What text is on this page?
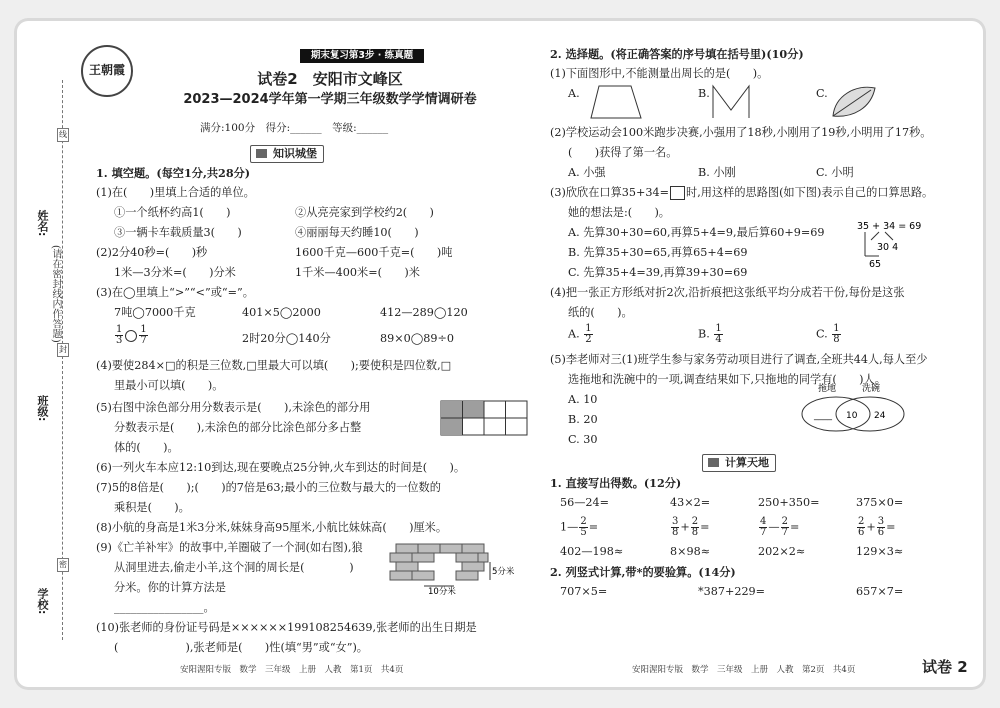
姓名:
班级:
学校:
(请在密封线内作答题)
线
封
密
王朝霞
期末复习第3步 · 练真题
试卷2　安阳市文峰区
2023—2024学年第一学期三年级数学学情调研卷
满分:100分　得分:______　等级:______
知识城堡
1. 填空题。(每空1分,共28分)
(1)在(　　)里填上合适的单位。
①一个纸杯约高1(　　)	②从亮亮家到学校约2(　　)
③一辆卡车载质量3(　　)	④丽丽每天约睡10(　　)
(2)2分40秒=(　　)秒	1600千克—600千克=(　　)吨
1米—3分米=(　　)分米	1千米—400米=(　　)米
(3)在◯里填上“>”“<”或“=”。
7吨◯7000千克	401×5◯2000	412—289◯120
$\frac{1}{3} \frac{1}{7}$	2时20分◯140分	89×0◯89÷0
(4)要使284×□的积是三位数,□里最大可以填(　　);要使积是四位数,□
里最小可以填(　　)。
(5)右图中涂色部分用分数表示是(　　),未涂色的部分用
分数表示是(　　),未涂色的部分比涂色部分多占整
体的(　　)。
(6)一列火车本应12:10到达,现在要晚点25分钟,火车到达的时间是(　　)。
(7)5的8倍是(　　);(　　)的7倍是63;最小的三位数与最大的一位数的
乘积是(　　)。
(8)小航的身高是1米3分米,妹妹身高95厘米,小航比妹妹高(　　)厘米。
(9)《亡羊补牢》的故事中,羊圈破了一个洞(如右图),狼
从洞里进去,偷走小羊,这个洞的周长是(　　　　)
分米。你的计算方法是
________________。
(10)张老师的身份证号码是××××××19910825​4639,张老师的出生日期是
(　　　　　　),张老师是(　　)性(填“男”或“女”)。
5分米
10分米
2. 选择题。(将正确答案的序号填在括号里)(10分)
(1)下面图形中,不能测量出周长的是(　　)。
A.	B.	C.
(2)学校运动会100米跑步决赛,小强用了18秒,小刚用了19秒,小明用了17秒。
(　　)获得了第一名。
A. 小强	B. 小刚	C. 小明
(3)欣欣在口算35+34= 时,用这样的思路图(如下图)表示自己的口算思路。
她的想法是:(　　)。
A. 先算30+30=60,再算5+4=9,最后算60+9=69
B. 先算35+30=65,再算65+4=69
C. 先算35+4=39,再算39+30=69
(4)把一张正方形纸对折2次,沿折痕把这张纸平均分成若干份,每份是这张
纸的(　　)。
A. $\frac{1}{2}$	B. $\frac{1}{4}$	C. $\frac{1}{8}$
(5)李老师对三(1)班学生参与家务劳动项目进行了调查,全班共44人,每人至少
选拖地和洗碗中的一项,调查结果如下,只拖地的同学有(　　)人。
A. 10
B. 20
C. 30
1. 直接写出得数。(12分)
56—24=	43×2=	250+350=	375×0=
1— $\frac{2}{5}$ =	$\frac{3}{8} + \frac{2}{8}$ =	$\frac{4}{7}$ — $\frac{2}{7}$ =	$\frac{2}{6} + \frac{3}{6}$ =
402—198≈	8×98≈	202×2≈	129×3≈
2. 列竖式计算,带*的要验算。(14分)
707×5=	*387+229=	657×7=
计算天地
35 + 34 = 69
30 4
65
拖地	洗碗
____ 10 24
安阳渥阳专版　数学　三年级　上册　人教　第1页　共4页	安阳渥阳专版　数学　三年级　上册　人教　第2页　共4页	试卷 2
